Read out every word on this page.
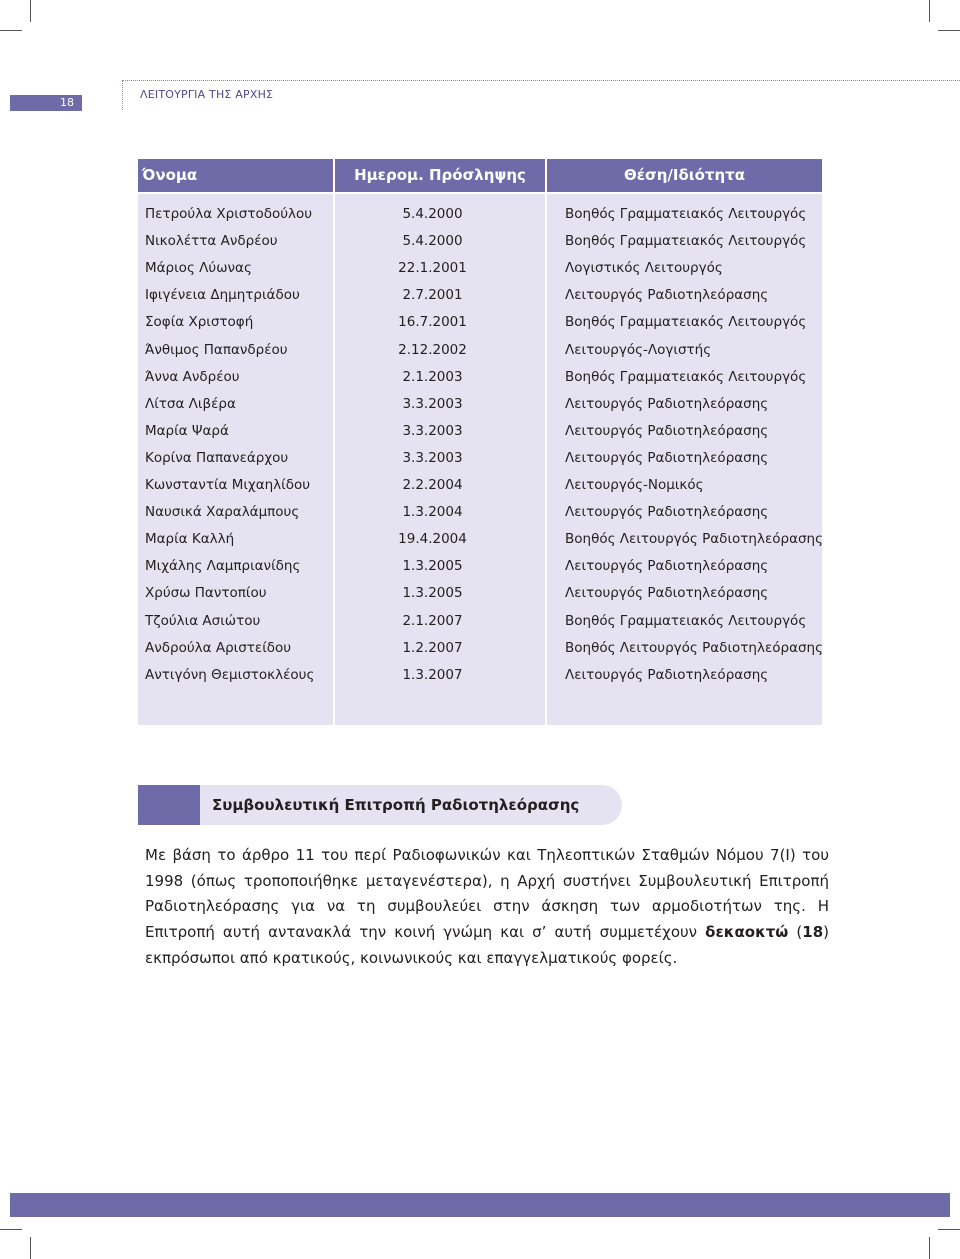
18
ΛΕΙΤΟΥΡΓΙΑ ΤΗΣ ΑΡΧΗΣ
Όνομα	Ημερομ. Πρόσληψης	Θέση/Ιδιότητα
Πετρούλα Χριστοδούλου	5.4.2000	Βοηθός Γραμματειακός Λειτουργός
Νικολέττα Ανδρέου	5.4.2000	Βοηθός Γραμματειακός Λειτουργός
Μάριος Λύωνας	22.1.2001	Λογιστικός Λειτουργός
Ιφιγένεια Δημητριάδου	2.7.2001	Λειτουργός Ραδιοτηλεόρασης
Σοφία Χριστοφή	16.7.2001	Βοηθός Γραμματειακός Λειτουργός
Άνθιμος Παπανδρέου	2.12.2002	Λειτουργός-Λογιστής
Άννα Ανδρέου	2.1.2003	Βοηθός Γραμματειακός Λειτουργός
Λίτσα Λιβέρα	3.3.2003	Λειτουργός Ραδιοτηλεόρασης
Μαρία Ψαρά	3.3.2003	Λειτουργός Ραδιοτηλεόρασης
Κορίνα Παπανεάρχου	3.3.2003	Λειτουργός Ραδιοτηλεόρασης
Κωνσταντία Μιχαηλίδου	2.2.2004	Λειτουργός-Νομικός
Ναυσικά Χαραλάμπους	1.3.2004	Λειτουργός Ραδιοτηλεόρασης
Μαρία Καλλή	19.4.2004	Βοηθός Λειτουργός Ραδιοτηλεόρασης
Μιχάλης Λαμπριανίδης	1.3.2005	Λειτουργός Ραδιοτηλεόρασης
Χρύσω Παντοπίου	1.3.2005	Λειτουργός Ραδιοτηλεόρασης
Τζούλια Ασιώτου	2.1.2007	Βοηθός Γραμματειακός Λειτουργός
Ανδρούλα Αριστείδου	1.2.2007	Βοηθός Λειτουργός Ραδιοτηλεόρασης
Αντιγόνη Θεμιστοκλέους	1.3.2007	Λειτουργός Ραδιοτηλεόρασης
Συμβουλευτική Επιτροπή Ραδιοτηλεόρασης

Με βάση το άρθρο 11 του περί Ραδιοφωνικών και Τηλεοπτικών Σταθμών Νόμου 7(Ι) του 1998 (όπως τροποποιήθηκε μεταγενέστερα), η Αρχή συστήνει Συμβουλευτική Επιτροπή Ραδιοτηλεόρασης για να τη συμβουλεύει στην άσκηση των αρμοδιοτήτων της. Η Επιτροπή αυτή αντανακλά την κοινή γνώμη και σ’ αυτή συμμετέχουν δεκαοκτώ (18) εκπρόσωποι από κρατικούς, κοινωνικούς και επαγγελματικούς φορείς.
